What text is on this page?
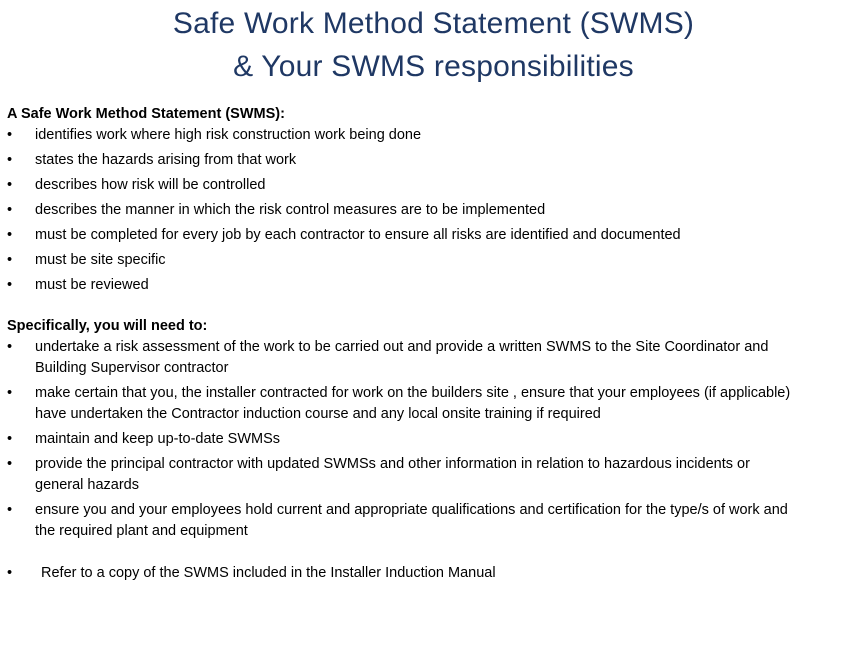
Safe Work Method Statement (SWMS)
& Your SWMS responsibilities
A Safe Work Method Statement (SWMS):
• identifies work where high risk construction work being done
• states the hazards arising from that work
• describes how risk will be controlled
• describes the manner in which the risk control measures are to be implemented
• must be completed for every job by each contractor to ensure all risks are identified and documented
• must be site specific
• must be reviewed
Specifically, you will need to:
• undertake a risk assessment of the work to be carried out and provide a written SWMS to the Site Coordinator and Building Supervisor contractor
• make certain that you, the installer contracted for work on the builders site , ensure that your employees (if applicable) have undertaken the Contractor induction course and any local onsite training if required
• maintain and keep up-to-date SWMSs
• provide the principal contractor with updated SWMSs and other information in relation to hazardous incidents or general hazards
• ensure you and your employees hold current and appropriate qualifications and certification for the type/s of work and the required plant and equipment
• Refer to a copy of the SWMS included in the Installer Induction Manual
